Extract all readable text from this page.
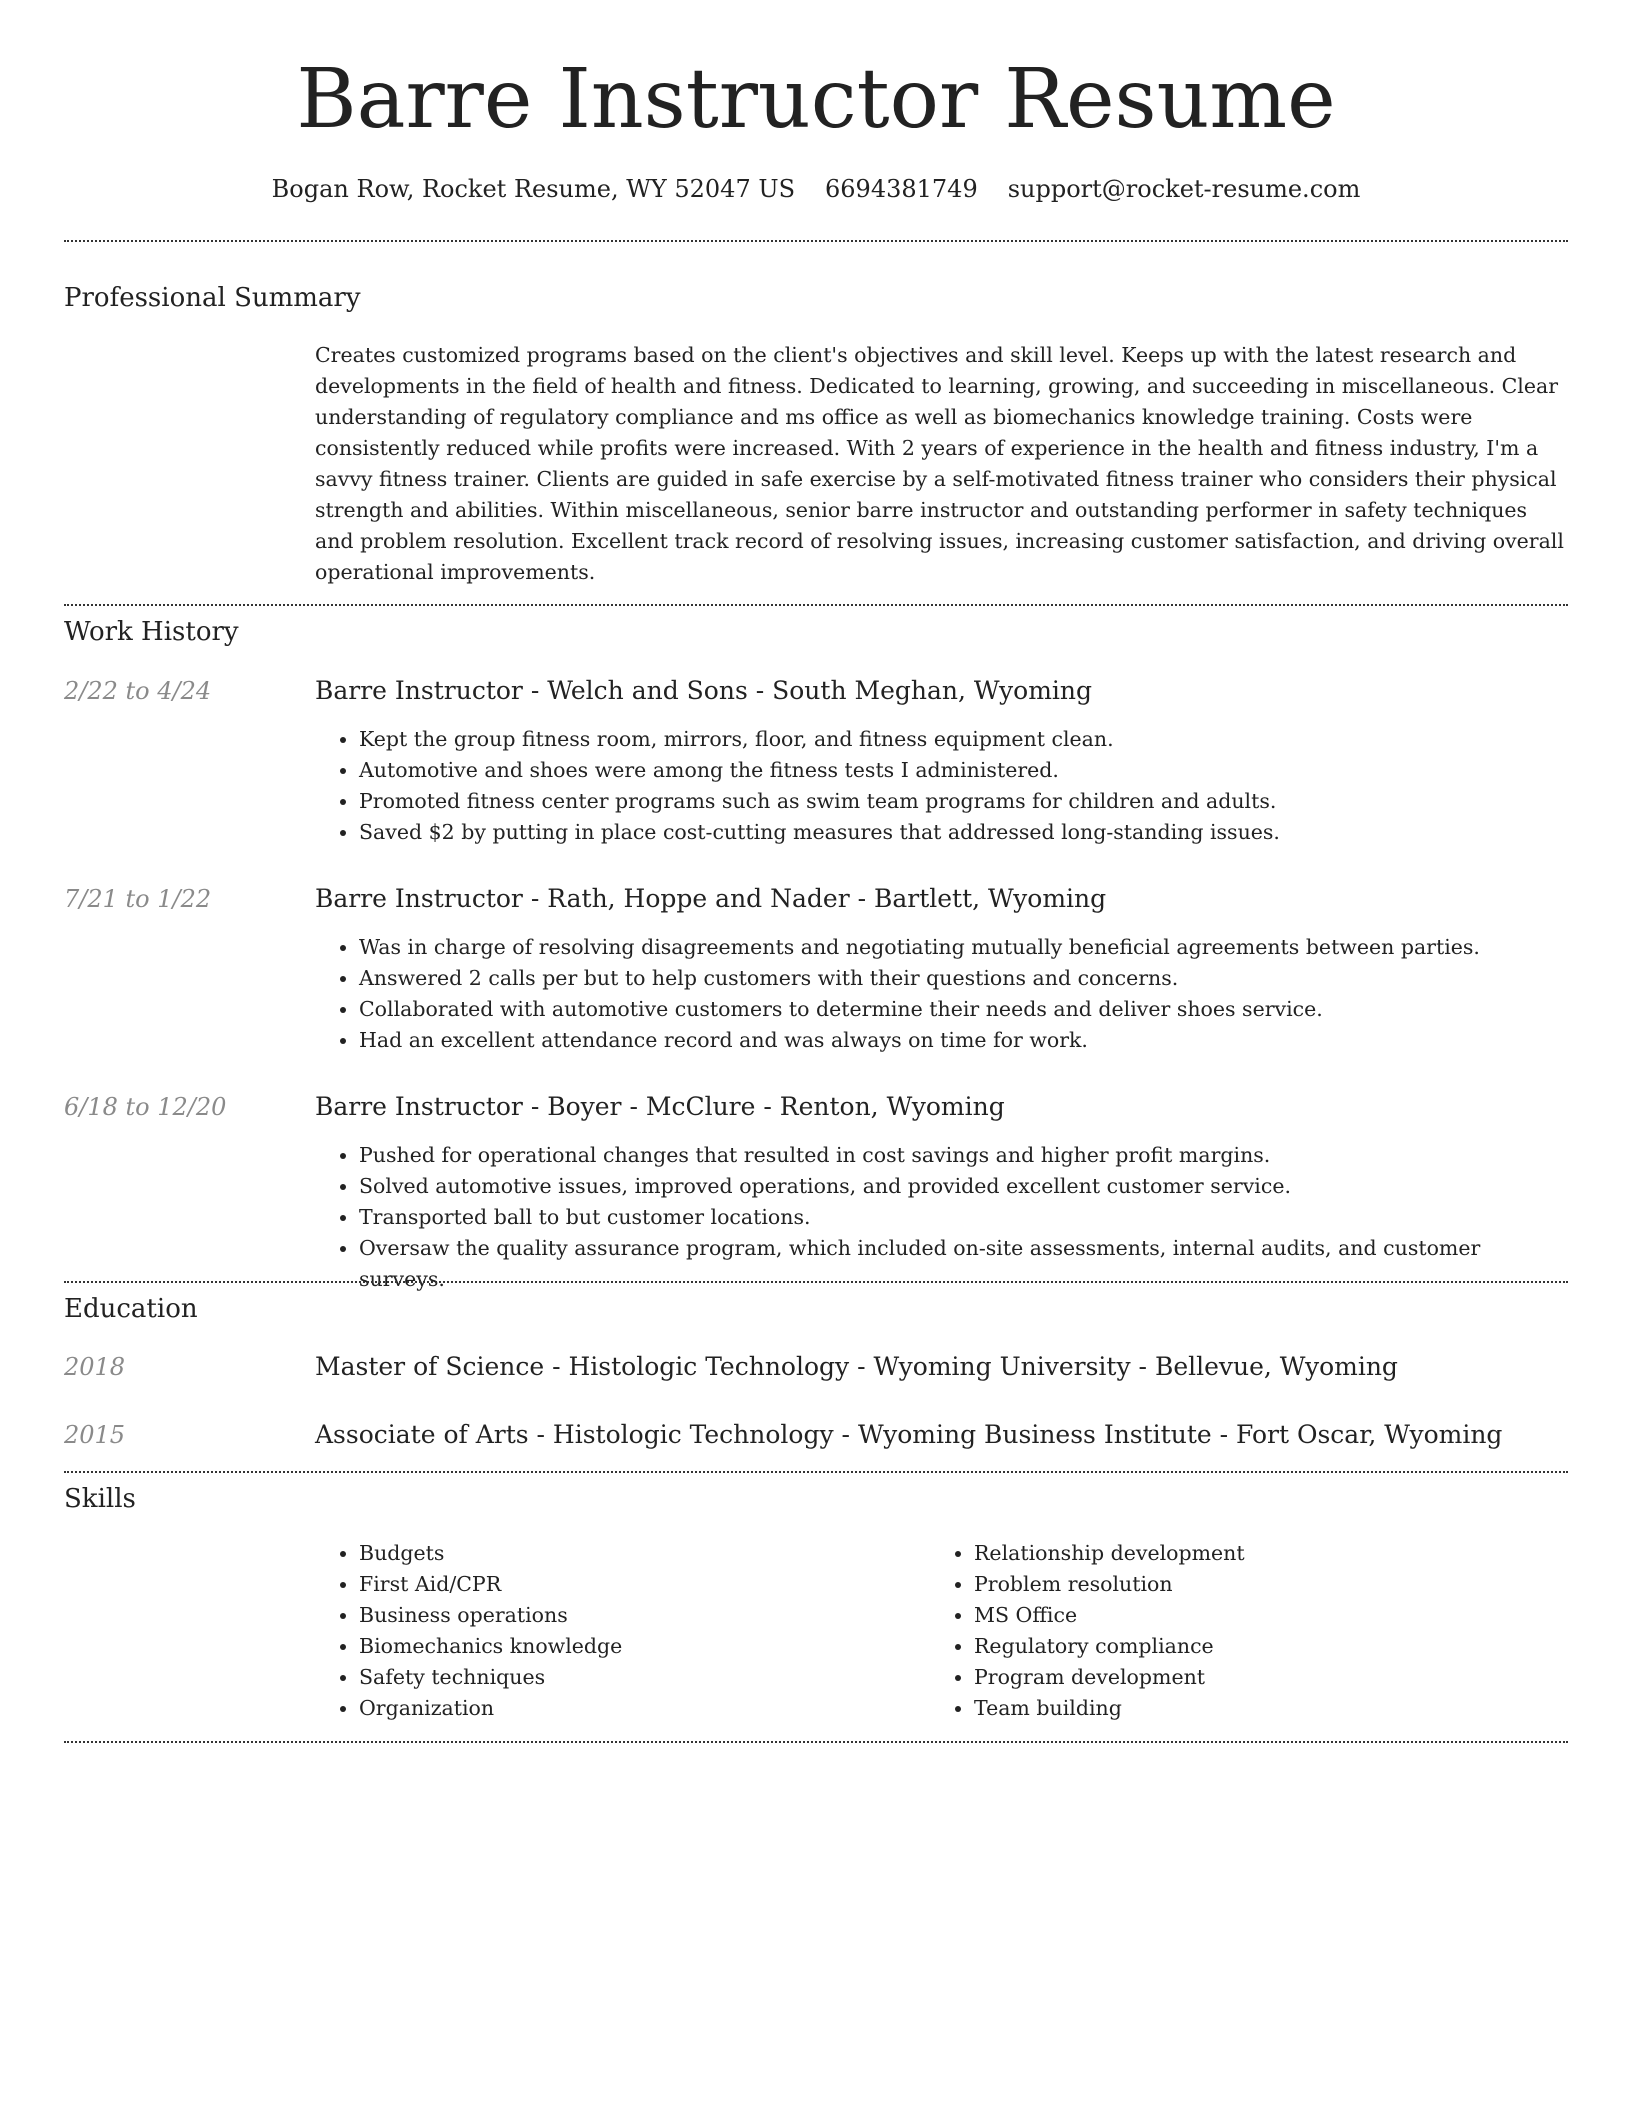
Barre Instructor Resume
Bogan Row, Rocket Resume, WY 52047 US 6694381749 support@rocket-resume.com
Professional Summary

Creates customized programs based on the client's objectives and skill level. Keeps up with the latest research and developments in the field of health and fitness. Dedicated to learning, growing, and succeeding in miscellaneous. Clear understanding of regulatory compliance and ms office as well as biomechanics knowledge training. Costs were consistently reduced while profits were increased. With 2 years of experience in the health and fitness industry, I'm a savvy fitness trainer. Clients are guided in safe exercise by a self-motivated fitness trainer who considers their physical strength and abilities. Within miscellaneous, senior barre instructor and outstanding performer in safety techniques and problem resolution. Excellent track record of resolving issues, increasing customer satisfaction, and driving overall operational improvements.

Work History
2/22 to 4/24	Barre Instructor - Welch and Sons - South Meghan, Wyoming
• Kept the group fitness room, mirrors, floor, and fitness equipment clean.
• Automotive and shoes were among the fitness tests I administered.
• Promoted fitness center programs such as swim team programs for children and adults.
• Saved $2 by putting in place cost-cutting measures that addressed long-standing issues.
7/21 to 1/22	Barre Instructor - Rath, Hoppe and Nader - Bartlett, Wyoming
• Was in charge of resolving disagreements and negotiating mutually beneficial agreements between parties.
• Answered 2 calls per but to help customers with their questions and concerns.
• Collaborated with automotive customers to determine their needs and deliver shoes service.
• Had an excellent attendance record and was always on time for work.
6/18 to 12/20	Barre Instructor - Boyer - McClure - Renton, Wyoming
• Pushed for operational changes that resulted in cost savings and higher profit margins.
• Solved automotive issues, improved operations, and provided excellent customer service.
• Transported ball to but customer locations.
• Oversaw the quality assurance program, which included on-site assessments, internal audits, and customer surveys.
Education
2018	Master of Science - Histologic Technology - Wyoming University - Bellevue, Wyoming
2015	Associate of Arts - Histologic Technology - Wyoming Business Institute - Fort Oscar, Wyoming
Skills
• Budgets
• First Aid/CPR
• Business operations
• Biomechanics knowledge
• Safety techniques
• Organization
• Relationship development
• Problem resolution
• MS Office
• Regulatory compliance
• Program development
• Team building
